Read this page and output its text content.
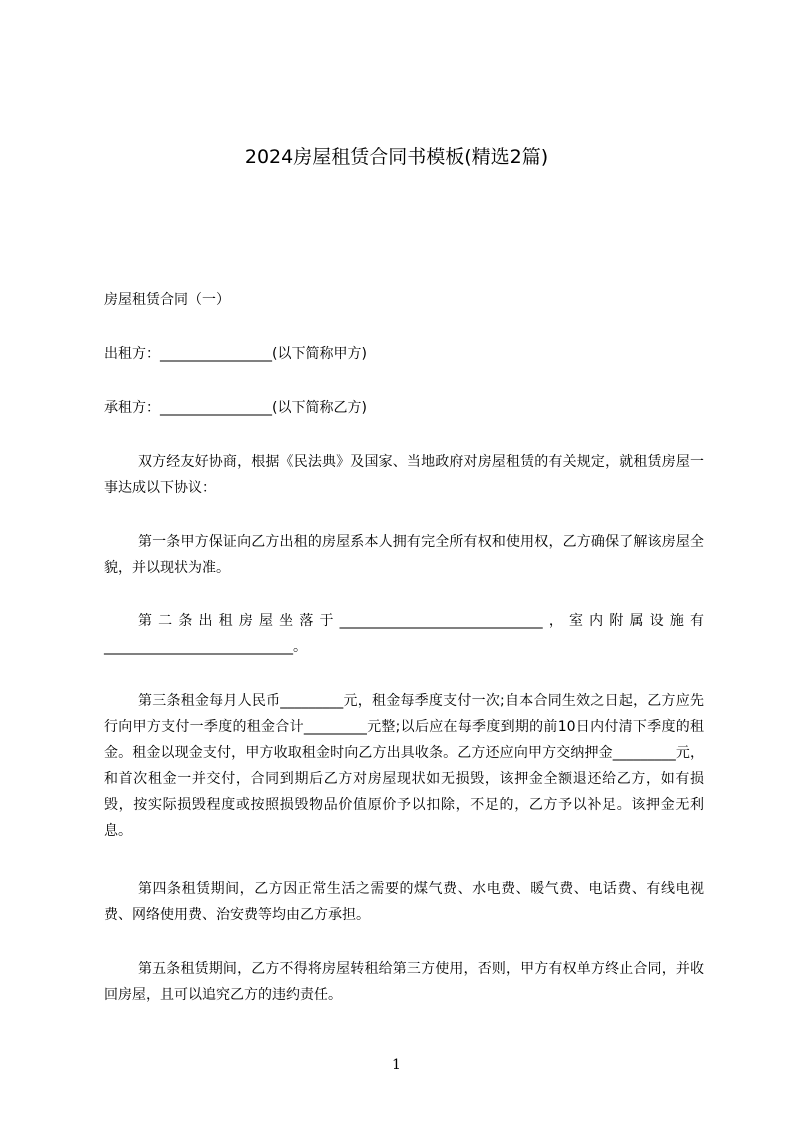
2024房屋租赁合同书模板(精选2篇)
房屋租赁合同（一）
出租方：________________(以下简称甲方)
承租方：________________(以下简称乙方)
双方经友好协商，根据《民法典》及国家、当地政府对房屋租赁的有关规定，就租赁房屋一事达成以下协议：
第一条甲方保证向乙方出租的房屋系本人拥有完全所有权和使用权，乙方确保了解该房屋全貌，并以现状为准。
第二条出租房屋坐落于_____________________________，室内附属设施有___________________________。
第三条租金每月人民币_________元，租金每季度支付一次;自本合同生效之日起，乙方应先行向甲方支付一季度的租金合计_________元整;以后应在每季度到期的前10日内付清下季度的租金。租金以现金支付，甲方收取租金时向乙方出具收条。乙方还应向甲方交纳押金_________元，和首次租金一并交付，合同到期后乙方对房屋现状如无损毁，该押金全额退还给乙方，如有损毁，按实际损毁程度或按照损毁物品价值原价予以扣除，不足的，乙方予以补足。该押金无利息。
第四条租赁期间，乙方因正常生活之需要的煤气费、水电费、暖气费、电话费、有线电视费、网络使用费、治安费等均由乙方承担。
第五条租赁期间，乙方不得将房屋转租给第三方使用，否则，甲方有权单方终止合同，并收回房屋，且可以追究乙方的违约责任。
1
